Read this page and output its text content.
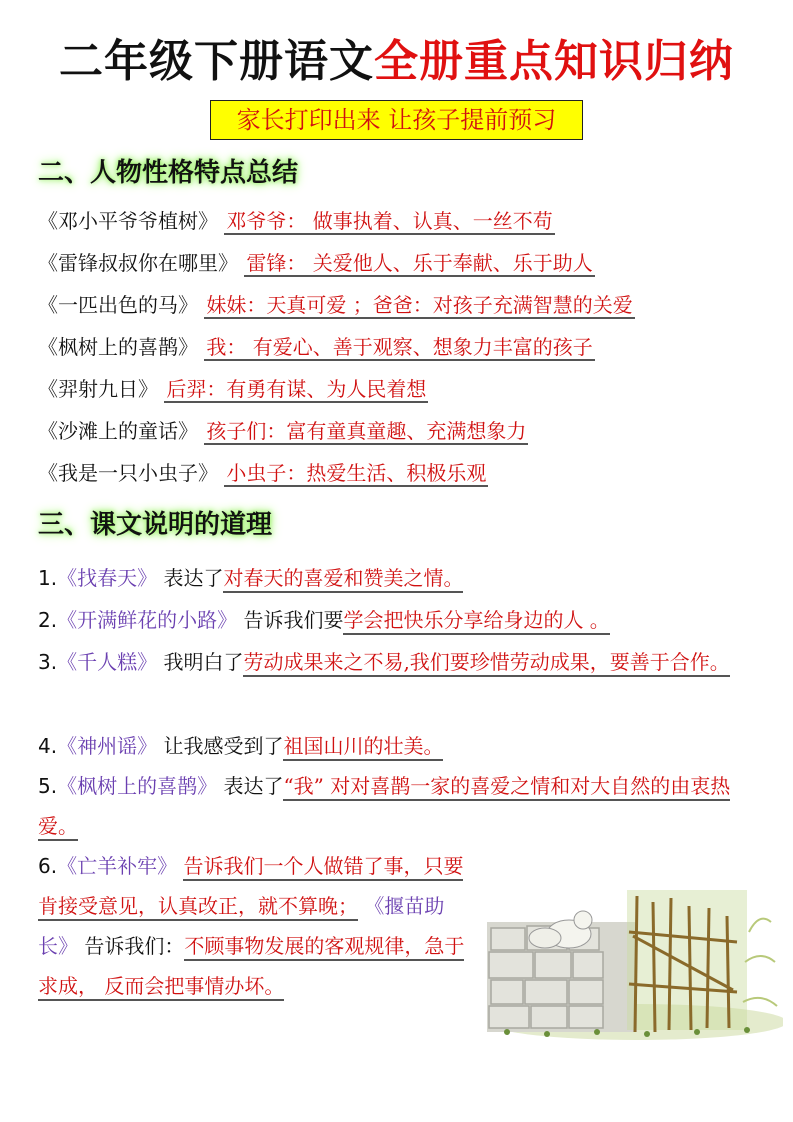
二年级下册语文全册重点知识归纳
家长打印出来 让孩子提前预习
二、人物性格特点总结
《邓小平爷爷植树》 邓爷爷： 做事执着、认真、一丝不苟
《雷锋叔叔你在哪里》 雷锋： 关爱他人、乐于奉献、乐于助人
《一匹出色的马》 妹妹：天真可爱 ；爸爸：对孩子充满智慧的关爱
《枫树上的喜鹊》 我： 有爱心、善于观察、想象力丰富的孩子
《羿射九日》 后羿：有勇有谋、为人民着想
《沙滩上的童话》 孩子们：富有童真童趣、充满想象力
《我是一只小虫子》 小虫子：热爱生活、积极乐观
三、课文说明的道理
1.《找春天》 表达了对春天的喜爱和赞美之情。
2.《开满鲜花的小路》 告诉我们要学会把快乐分享给身边的人 。
3.《千人糕》 我明白了劳动成果来之不易,我们要珍惜劳动成果，要善于合作。
4.《神州谣》 让我感受到了祖国山川的壮美。
5.《枫树上的喜鹊》 表达了“我” 对对喜鹊一家的喜爱之情和对大自然的由衷热爱。
6.《亡羊补牢》 告诉我们一个人做错了事，只要肯接受意见，认真改正，就不算晚； 《揠苗助长》 告诉我们：不顾事物发展的客观规律，急于求成， 反而会把事情办坏。
